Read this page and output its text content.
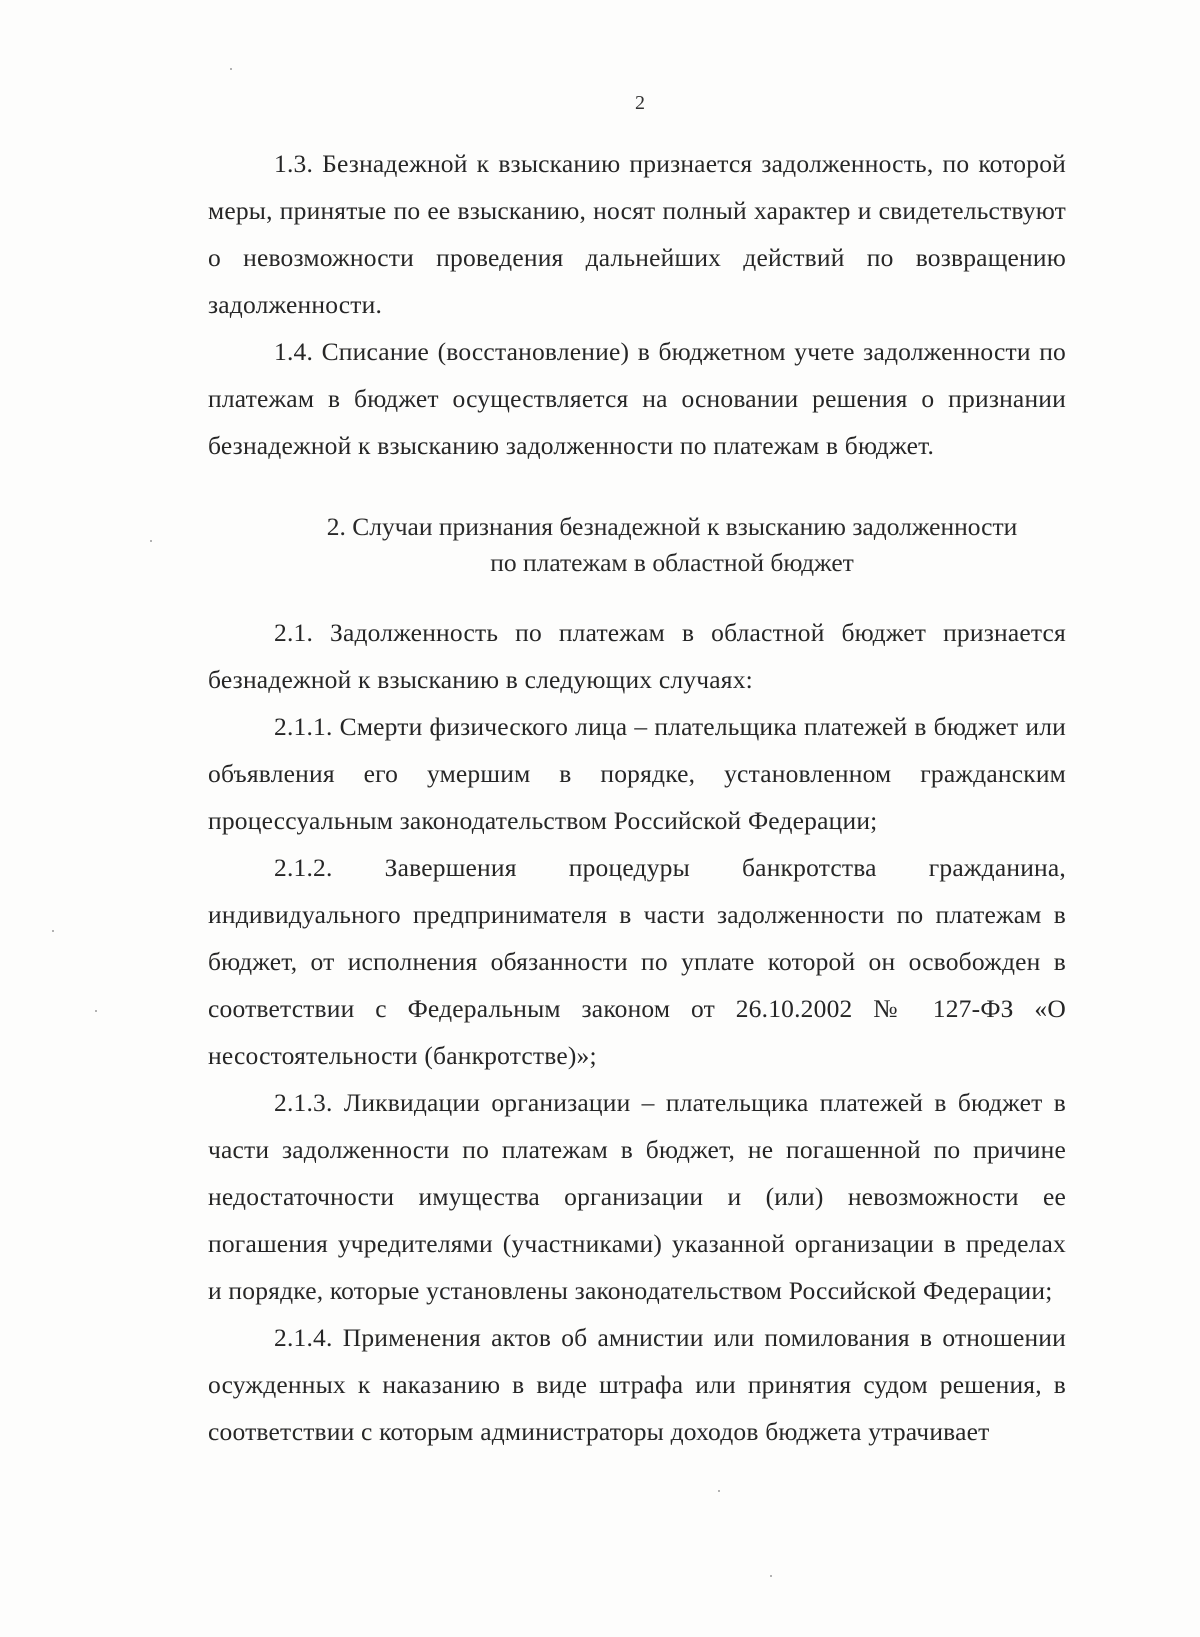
2

1.3. Безнадежной к взысканию признается задолженность, по которой меры, принятые по ее взысканию, носят полный характер и свидетельствуют о невозможности проведения дальнейших действий по возвращению задолженности.

1.4. Списание (восстановление) в бюджетном учете задолженности по платежам в бюджет осуществляется на основании решения о признании безнадежной к взысканию задолженности по платежам в бюджет.

2. Случаи признания безнадежной к взысканию задолженности
по платежам в областной бюджет

2.1. Задолженность по платежам в областной бюджет признается безнадежной к взысканию в следующих случаях:

2.1.1. Смерти физического лица – плательщика платежей в бюджет или объявления его умершим в порядке, установленном гражданским процессуальным законодательством Российской Федерации;

2.1.2. Завершения процедуры банкротства гражданина, индивидуального предпринимателя в части задолженности по платежам в бюджет, от исполнения обязанности по уплате которой он освобожден в соответствии с Федеральным законом от 26.10.2002 № 127-ФЗ «О несостоятельности (банкротстве)»;

2.1.3. Ликвидации организации – плательщика платежей в бюджет в части задолженности по платежам в бюджет, не погашенной по причине недостаточности имущества организации и (или) невозможности ее погашения учредителями (участниками) указанной организации в пределах и порядке, которые установлены законодательством Российской Федерации;

2.1.4. Применения актов об амнистии или помилования в отношении осужденных к наказанию в виде штрафа или принятия судом решения, в соответствии с которым администраторы доходов бюджета утрачивает
